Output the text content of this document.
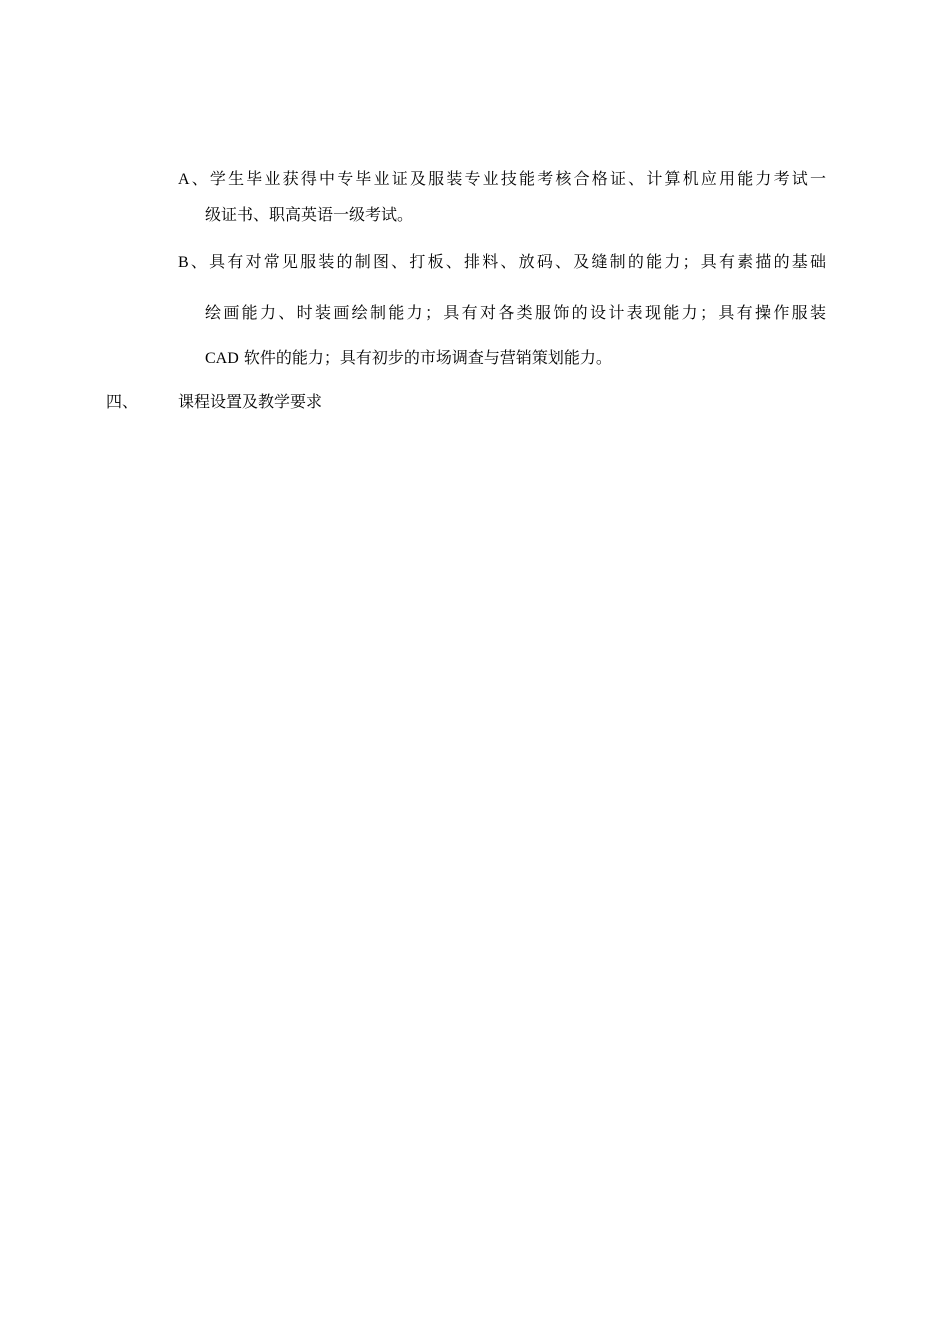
A、学生毕业获得中专毕业证及服装专业技能考核合格证、计算机应用能力考试一
级证书、职高英语一级考试。
B、具有对常见服装的制图、打板、排料、放码、及缝制的能力；具有素描的基础
绘画能力、时装画绘制能力；具有对各类服饰的设计表现能力；具有操作服装
CAD 软件的能力；具有初步的市场调查与营销策划能力。
四、 课程设置及教学要求
